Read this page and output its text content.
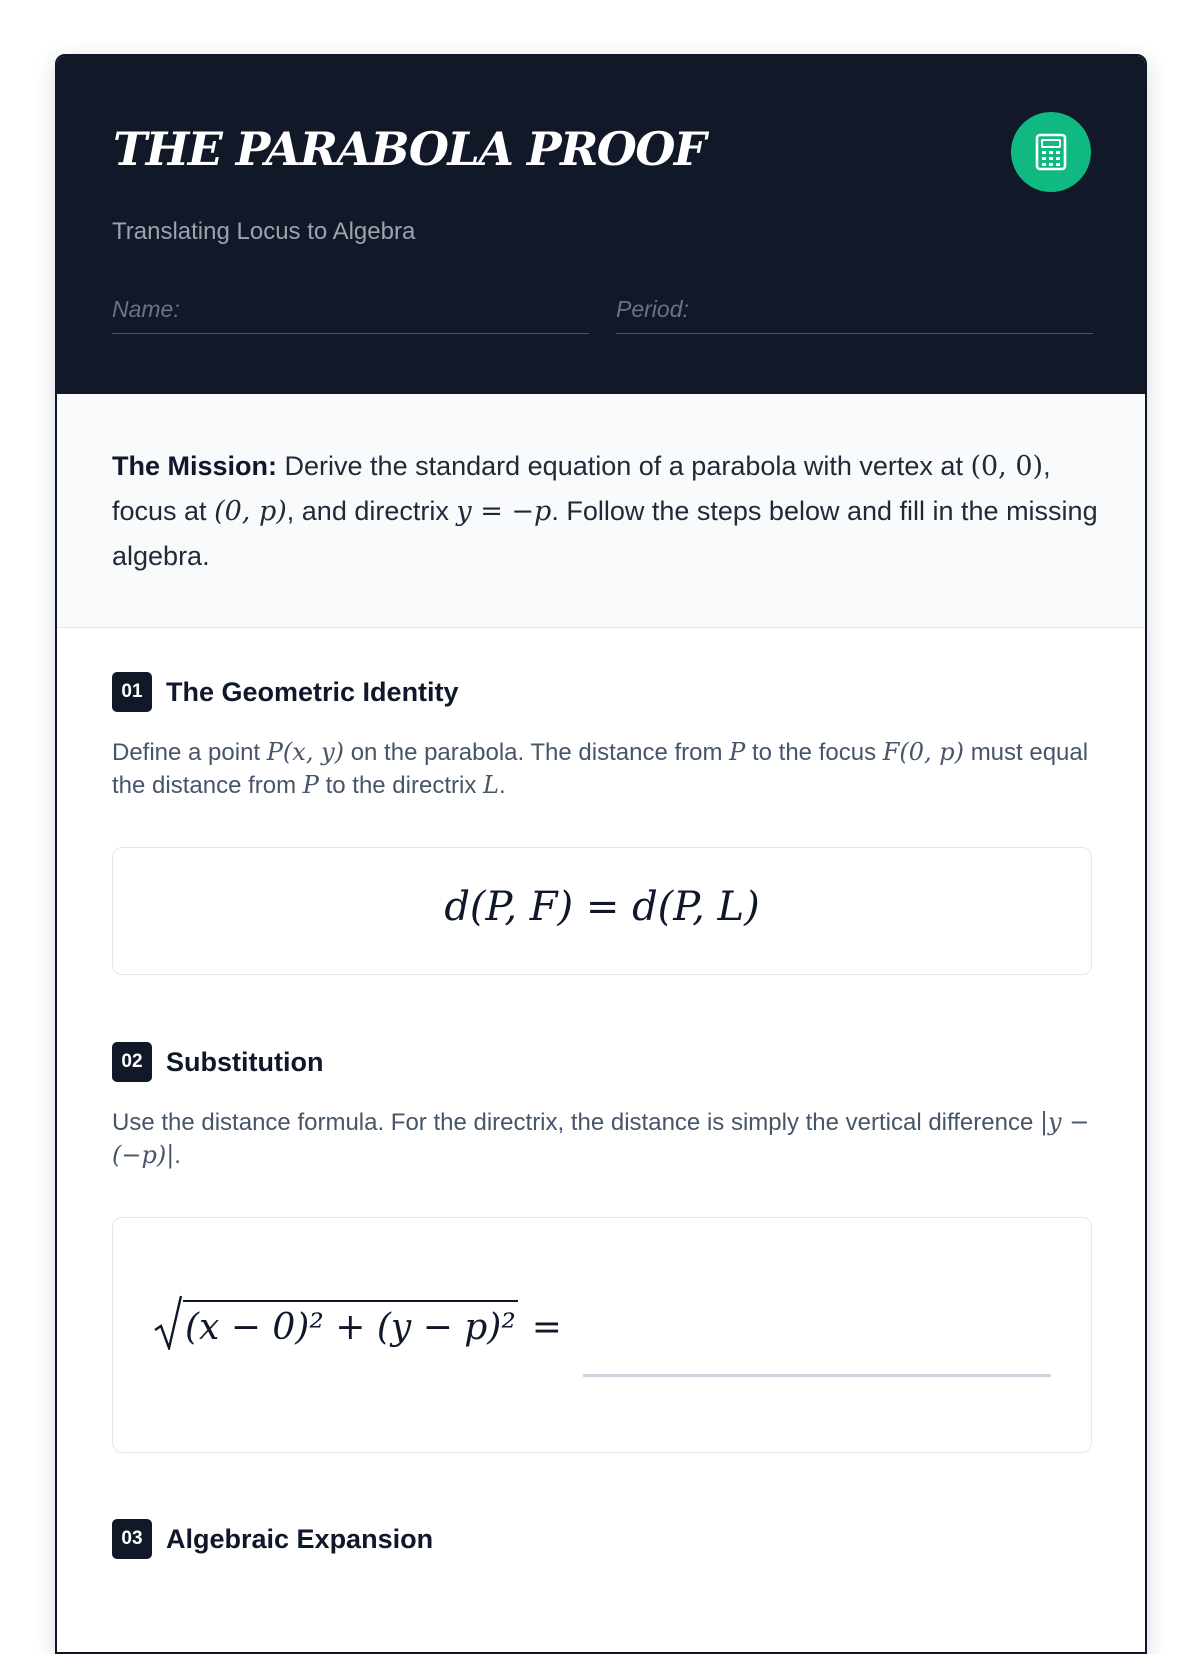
THE PARABOLA PROOF
Translating Locus to Algebra
Name:	Period:

The Mission: Derive the standard equation of a parabola with vertex at (0, 0), focus at (0, p), and directrix y = −p. Follow the steps below and fill in the missing algebra.

01 The Geometric Identity
Define a point P(x, y) on the parabola. The distance from P to the focus F(0, p) must equal the distance from P to the directrix L.
d(P, F) = d(P, L)
02 Substitution
Use the distance formula. For the directrix, the distance is simply the vertical difference |y − (−p)|.
(x − 0)² + (y − p)² =
03 Algebraic Expansion
